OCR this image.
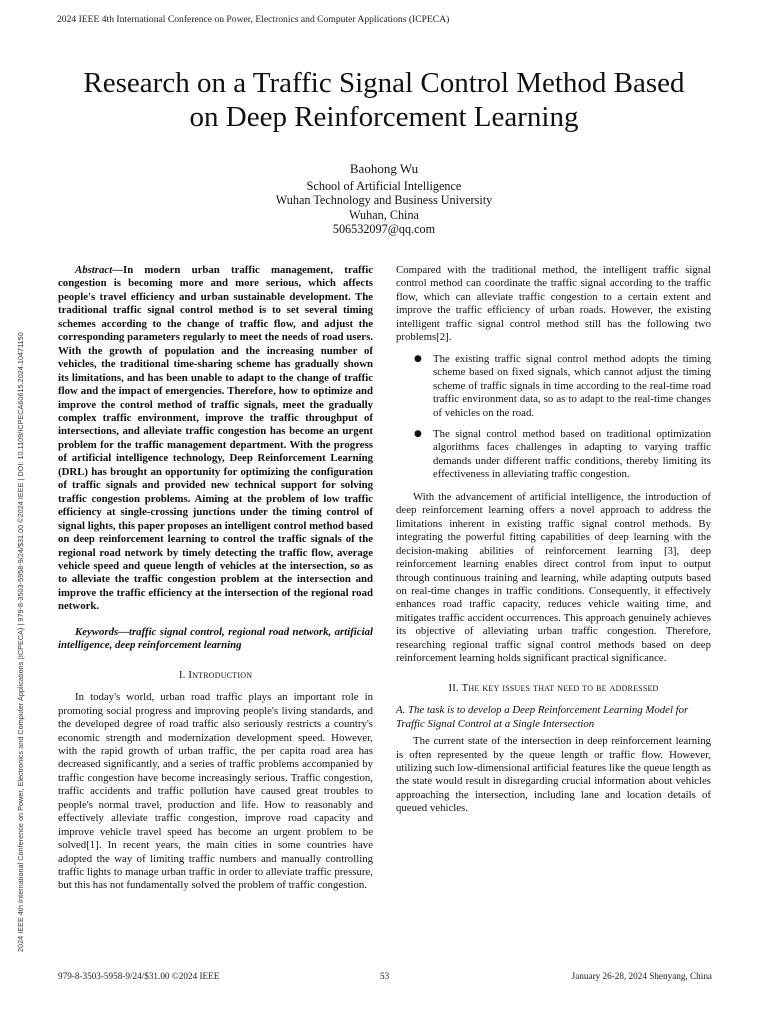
2024 IEEE 4th International Conference on Power, Electronics and Computer Applications (ICPECA)
2024 IEEE 4th International Conference on Power, Electronics and Computer Applications (ICPECA) | 979-8-3503-5958-9/24/$31.00 ©2024 IEEE | DOI: 10.1109/ICPECA60615.2024.10471150
Research on a Traffic Signal Control Method Based
on Deep Reinforcement Learning
Baohong Wu
School of Artificial Intelligence
Wuhan Technology and Business University
Wuhan, China
506532097@qq.com

Abstract—In modern urban traffic management, traffic congestion is becoming more and more serious, which affects people's travel efficiency and urban sustainable development. The traditional traffic signal control method is to set several timing schemes according to the change of traffic flow, and adjust the corresponding parameters regularly to meet the needs of road users. With the growth of population and the increasing number of vehicles, the traditional time-sharing scheme has gradually shown its limitations, and has been unable to adapt to the change of traffic flow and the impact of emergencies. Therefore, how to optimize and improve the control method of traffic signals, meet the gradually complex traffic environment, improve the traffic throughput of intersections, and alleviate traffic congestion has become an urgent problem for the traffic management department. With the progress of artificial intelligence technology, Deep Reinforcement Learning (DRL) has brought an opportunity for optimizing the configuration of traffic signals and provided new technical support for solving traffic congestion problems. Aiming at the problem of low traffic efficiency at single-crossing junctions under the timing control of signal lights, this paper proposes an intelligent control method based on deep reinforcement learning to control the traffic signals of the regional road network by timely detecting the traffic flow, average vehicle speed and queue length of vehicles at the intersection, so as to alleviate the traffic congestion problem at the intersection and improve the traffic efficiency at the intersection of the regional road network.

Keywords—traffic signal control, regional road network, artificial intelligence, deep reinforcement learning

I. Introduction

In today's world, urban road traffic plays an important role in promoting social progress and improving people's living standards, and the developed degree of road traffic also seriously restricts a country's economic strength and modernization development speed. However, with the rapid growth of urban traffic, the per capita road area has decreased significantly, and a series of traffic problems accompanied by traffic congestion have become increasingly serious. Traffic congestion, traffic accidents and traffic pollution have caused great troubles to people's normal travel, production and life. How to reasonably and effectively alleviate traffic congestion, improve road capacity and improve vehicle travel speed has become an urgent problem to be solved[1]. In recent years, the main cities in some countries have adopted the way of limiting traffic numbers and manually controlling traffic lights to manage urban traffic in order to alleviate traffic pressure, but this has not fundamentally solved the problem of traffic congestion.

Compared with the traditional method, the intelligent traffic signal control method can coordinate the traffic signal according to the traffic flow, which can alleviate traffic congestion to a certain extent and improve the traffic efficiency of urban roads. However, the existing intelligent traffic signal control method still has the following two problems[2].

● The existing traffic signal control method adopts the timing scheme based on fixed signals, which cannot adjust the timing scheme of traffic signals in time according to the real-time road traffic environment data, so as to adapt to the real-time changes of vehicles on the road.
● The signal control method based on traditional optimization algorithms faces challenges in adapting to varying traffic demands under different traffic conditions, thereby limiting its effectiveness in alleviating traffic congestion.

With the advancement of artificial intelligence, the introduction of deep reinforcement learning offers a novel approach to address the limitations inherent in existing traffic signal control methods. By integrating the powerful fitting capabilities of deep learning with the decision-making abilities of reinforcement learning [3], deep reinforcement learning enables direct control from input to output through continuous training and learning, while adapting outputs based on real-time changes in traffic conditions. Consequently, it effectively enhances road traffic capacity, reduces vehicle waiting time, and mitigates traffic accident occurrences. This approach genuinely achieves its objective of alleviating urban traffic congestion. Therefore, researching regional traffic signal control methods based on deep reinforcement learning holds significant practical significance.

II. The key issues that need to be addressed

A. The task is to develop a Deep Reinforcement Learning Model for Traffic Signal Control at a Single Intersection

The current state of the intersection in deep reinforcement learning is often represented by the queue length or traffic flow. However, utilizing such low-dimensional artificial features like the queue length as the state would result in disregarding crucial information about vehicles approaching the intersection, including lane and location details of queued vehicles.

979-8-3503-5958-9/24/$31.00 ©2024 IEEE	53	January 26-28, 2024 Shenyang, China
